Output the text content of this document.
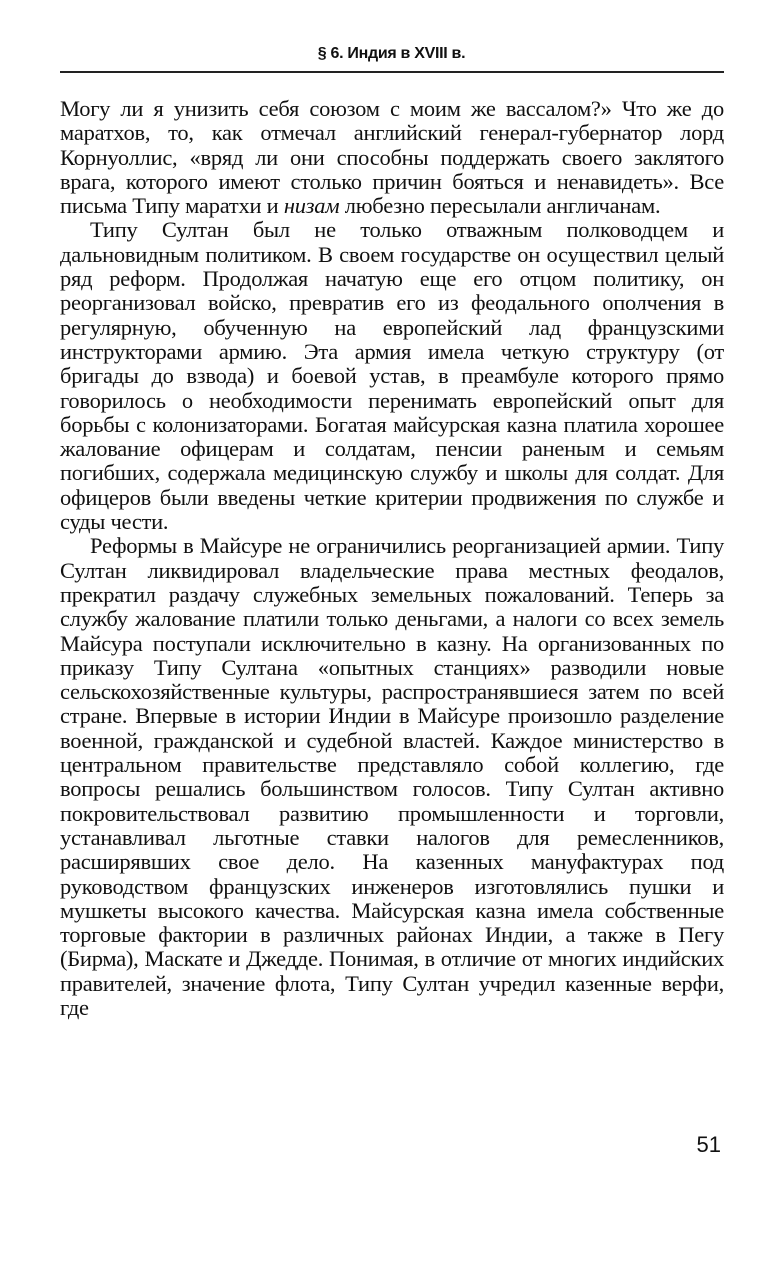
§ 6. Индия в XVIII в.

Могу ли я унизить себя союзом с моим же вассалом?» Что же до маратхов, то, как отмечал английский генерал-губернатор лорд Корнуоллис, «вряд ли они способны поддержать своего заклятого врага, которого имеют столько причин бояться и ненавидеть». Все письма Типу маратхи и низам любезно пересылали англичанам.

Типу Султан был не только отважным полководцем и дальновидным политиком. В своем государстве он осуществил целый ряд реформ. Продолжая начатую еще его отцом политику, он реорганизовал войско, превратив его из феодального ополчения в регулярную, обученную на европейский лад французскими инструкторами армию. Эта армия имела четкую структуру (от бригады до взвода) и боевой устав, в преамбуле которого прямо говорилось о необходимости перенимать европейский опыт для борьбы с колонизаторами. Богатая майсурская казна платила хорошее жалование офицерам и солдатам, пенсии раненым и семьям погибших, содержала медицинскую службу и школы для солдат. Для офицеров были введены четкие критерии продвижения по службе и суды чести.

Реформы в Майсуре не ограничились реорганизацией армии. Типу Султан ликвидировал владельческие права местных феодалов, прекратил раздачу служебных земельных пожалований. Теперь за службу жалование платили только деньгами, а налоги со всех земель Майсура поступали исключительно в казну. На организованных по приказу Типу Султана «опытных станциях» разводили новые сельскохозяйственные культуры, распространявшиеся затем по всей стране. Впервые в истории Индии в Майсуре произошло разделение военной, гражданской и судебной властей. Каждое министерство в центральном правительстве представляло собой коллегию, где вопросы решались большинством голосов. Типу Султан активно покровительствовал развитию промышленности и торговли, устанавливал льготные ставки налогов для ремесленников, расширявших свое дело. На казенных мануфактурах под руководством французских инженеров изготовлялись пушки и мушкеты высокого качества. Майсурская казна имела собственные торговые фактории в различных районах Индии, а также в Пегу (Бирма), Маскате и Джедде. Понимая, в отличие от многих индийских правителей, значение флота, Типу Султан учредил казенные верфи, где

51
